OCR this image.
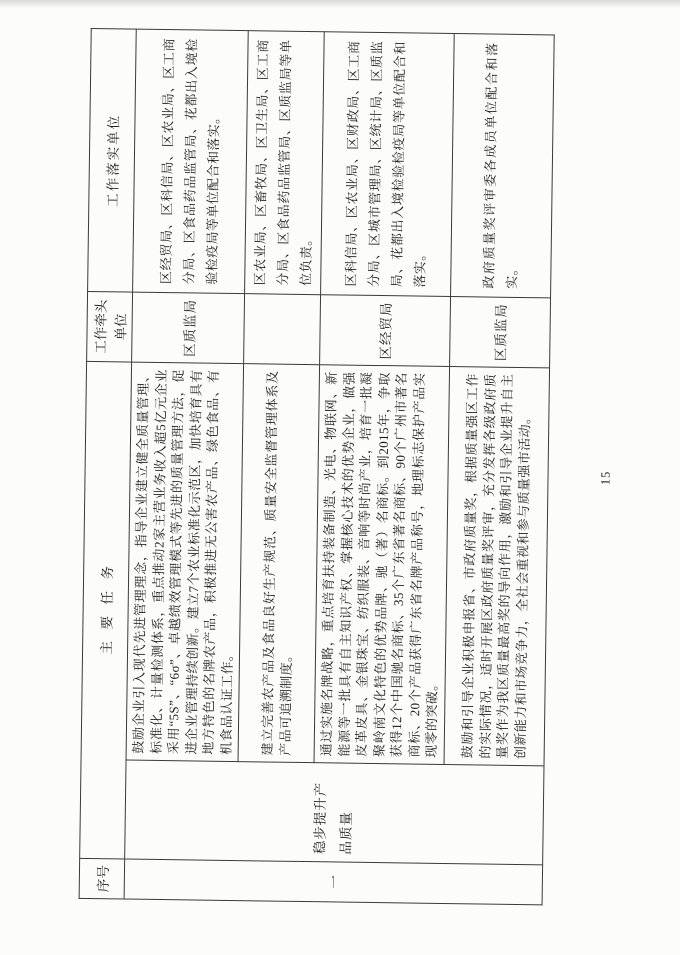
序号	主要任务		工作牵头单位	工作落实单位
一	稳步提升产品质量	鼓励企业引入现代先进管理理念，指导企业建立健全质量管理、标准化、计量检测体系，重点推动2家主营业务收入超5亿元企业采用“5S”、“6σ”、卓越绩效管理模式等先进的质量管理方法，促进企业管理持续创新。建立7个农业标准化示范区，加快培育具有地方特色的名牌农产品，积极推进无公害农产品、绿色食品、有机食品认证工作。	区质监局	区经贸局、区科信局、区农业局、区工商分局、区食品药品监管局、花都出入境检验检疫局等单位配合和落实。
		建立完善农产品及食品良好生产规范、质量安全监督管理体系及产品可追溯制度。		区农业局、区畜牧局、区卫生局、区工商分局、区食品药品监管局、区质监局等单位负责。
		通过实施名牌战略，重点培育扶持装备制造、光电、物联网、新能源等一批具有自主知识产权、掌握核心技术的优势企业，做强皮革皮具、金银珠宝、纺织服装、音响等时尚产业，培育一批凝聚岭南文化特色的优势品牌、驰（著）名商标。到2015年，争取获得12个中国驰名商标、35个广东省著名商标、90个广州市著名商标、20个产品获得广东省名牌产品称号，地理标志保护产品实现零的突破。	区经贸局	区科信局、区农业局、区财政局、区工商分局、区城市管理局、区统计局、区质监局、花都出入境检验检疫局等单位配合和落实。
		鼓励和引导企业积极申报省、市政府质量奖，根据质量强区工作的实际情况，适时开展区政府质量奖评审，充分发挥各级政府质量奖作为我区质量最高奖的导向作用，激励和引导企业提升自主创新能力和市场竞争力，全社会重视和参与质量强市活动。	区质监局	政府质量奖评审委各成员单位配合和落实。
15
